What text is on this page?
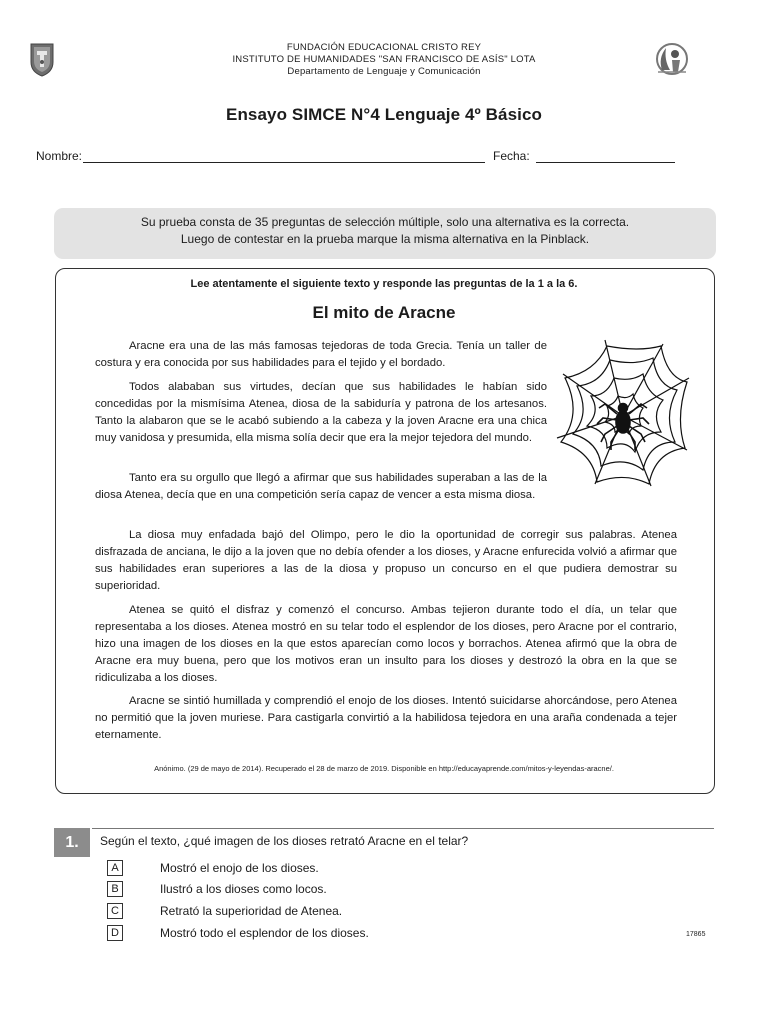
FUNDACIÓN EDUCACIONAL CRISTO REY
INSTITUTO DE HUMANIDADES "SAN FRANCISCO DE ASÍS" LOTA
Departamento de Lenguaje y Comunicación
Ensayo SIMCE N°4 Lenguaje 4º Básico
Nombre:	Fecha:
Su prueba consta de 35 preguntas de selección múltiple, solo una alternativa es la correcta.
Luego de contestar en la prueba marque la misma alternativa en la Pinblack.
Lee atentamente el siguiente texto y responde las preguntas de la 1 a la 6.
El mito de Aracne

Aracne era una de las más famosas tejedoras de toda Grecia. Tenía un taller de costura y era conocida por sus habilidades para el tejido y el bordado.

Todos alababan sus virtudes, decían que sus habilidades le habían sido concedidas por la mismísima Atenea, diosa de la sabiduría y patrona de los artesanos. Tanto la alabaron que se le acabó subiendo a la cabeza y la joven Aracne era una chica muy vanidosa y presumida, ella misma solía decir que era la mejor tejedora del mundo.

Tanto era su orgullo que llegó a afirmar que sus habilidades superaban a las de la diosa Atenea, decía que en una competición sería capaz de vencer a esta misma diosa.

La diosa muy enfadada bajó del Olimpo, pero le dio la oportunidad de corregir sus palabras. Atenea disfrazada de anciana, le dijo a la joven que no debía ofender a los dioses, y Aracne enfurecida volvió a afirmar que sus habilidades eran superiores a las de la diosa y propuso un concurso en el que pudiera demostrar su superioridad.

Atenea se quitó el disfraz y comenzó el concurso. Ambas tejieron durante todo el día, un telar que representaba a los dioses. Atenea mostró en su telar todo el esplendor de los dioses, pero Aracne por el contrario, hizo una imagen de los dioses en la que estos aparecían como locos y borrachos. Atenea afirmó que la obra de Aracne era muy buena, pero que los motivos eran un insulto para los dioses y destrozó la obra en la que se ridiculizaba a los dioses.

Aracne se sintió humillada y comprendió el enojo de los dioses. Intentó suicidarse ahorcándose, pero Atenea no permitió que la joven muriese. Para castigarla convirtió a la habilidosa tejedora en una araña condenada a tejer eternamente.

Anónimo. (29 de mayo de 2014). Recuperado el 28 de marzo de 2019. Disponible en http://educayaprende.com/mitos-y-leyendas-aracne/.
1.	Según el texto, ¿qué imagen de los dioses retrató Aracne en el telar?
A	Mostró el enojo de los dioses.
B	Ilustró a los dioses como locos.
C	Retrató la superioridad de Atenea.
D	Mostró todo el esplendor de los dioses.	17865
